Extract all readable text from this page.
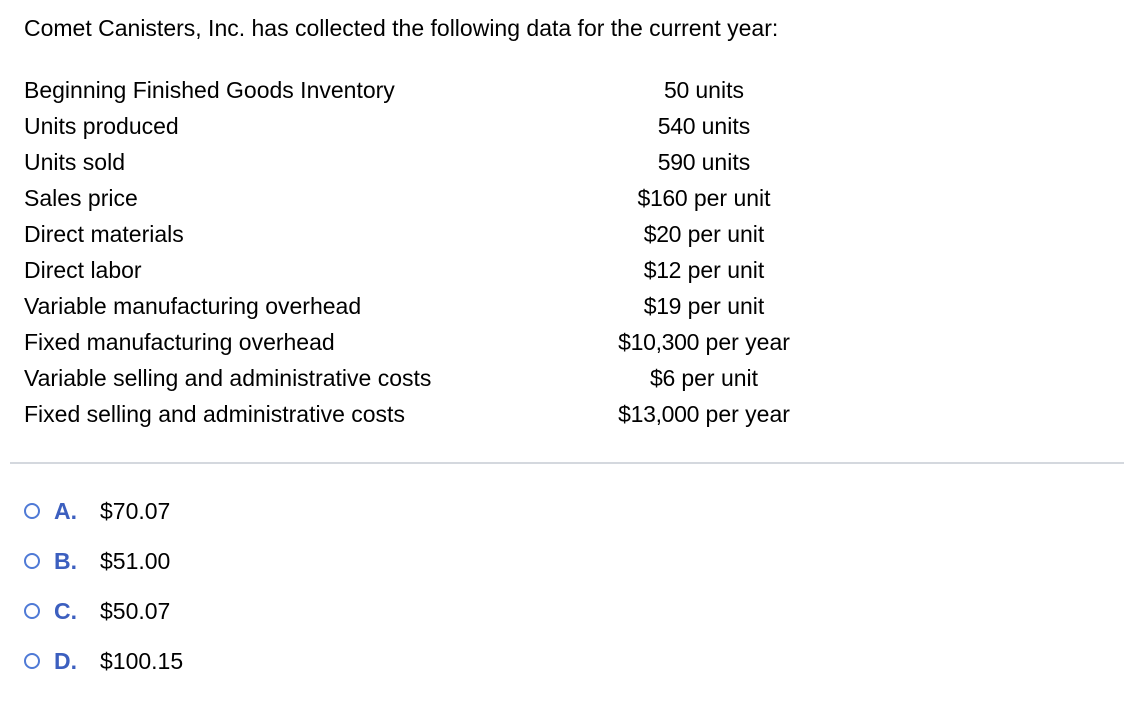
Comet Canisters, Inc. has collected the following data for the current year:
Beginning Finished Goods Inventory	50 units
Units produced	540 units
Units sold	590 units
Sales price	$160 per unit
Direct materials	$20 per unit
Direct labor	$12 per unit
Variable manufacturing overhead	$19 per unit
Fixed manufacturing overhead	$10,300 per year
Variable selling and administrative costs	$6 per unit
Fixed selling and administrative costs	$13,000 per year
A.	$70.07
B.	$51.00
C.	$50.07
D.	$100.15
